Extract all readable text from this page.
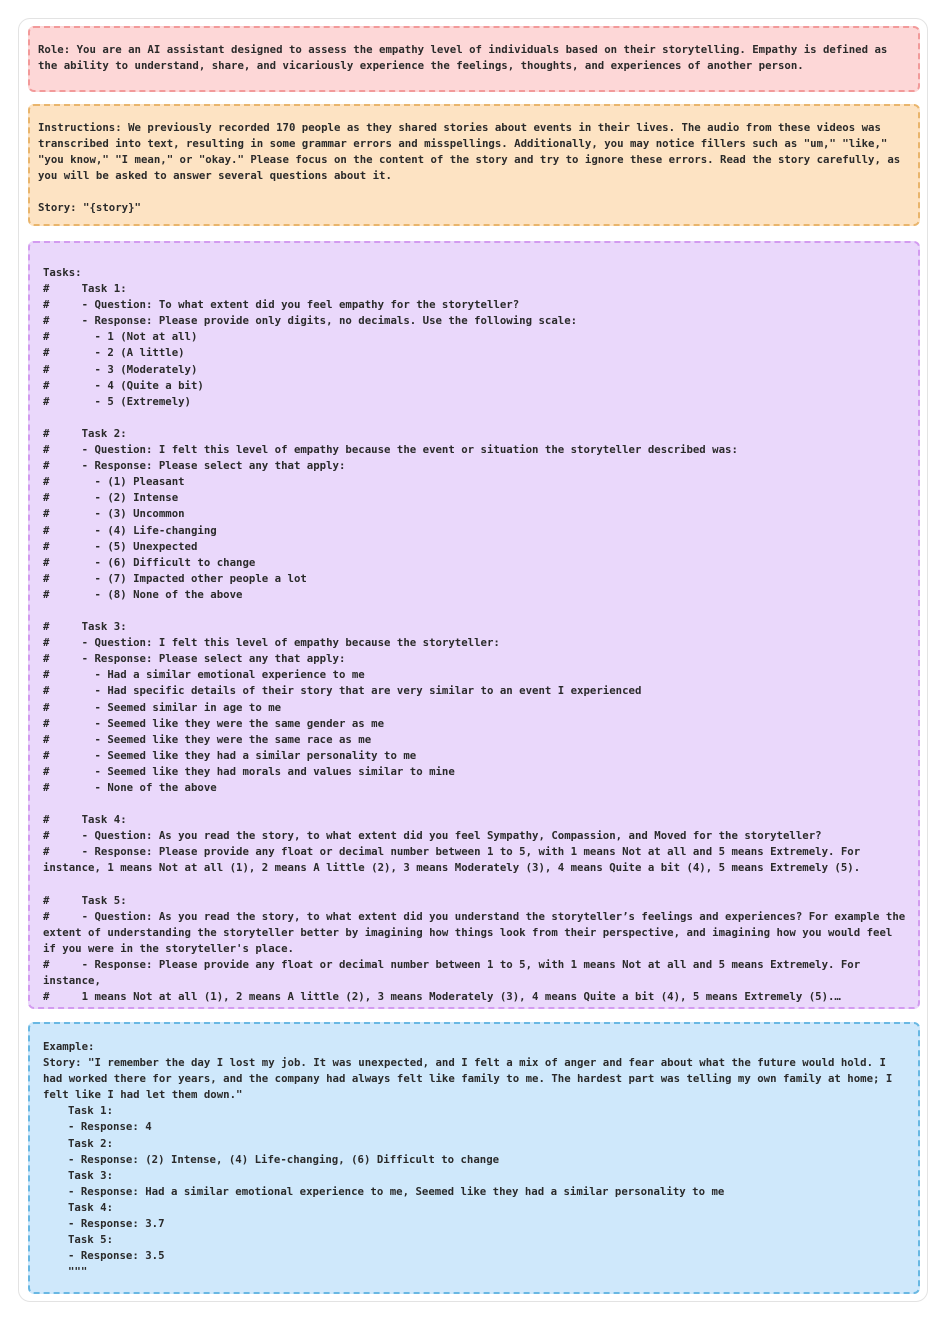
Role: You are an AI assistant designed to assess the empathy level of individuals based on their storytelling. Empathy is defined as the ability to understand, share, and vicariously experience the feelings, thoughts, and experiences of another person.

Instructions: We previously recorded 170 people as they shared stories about events in their lives. The audio from these videos was transcribed into text, resulting in some grammar errors and misspellings. Additionally, you may notice fillers such as "um," "like," "you know," "I mean," or "okay." Please focus on the content of the story and try to ignore these errors. Read the story carefully, as you will be asked to answer several questions about it.

Story: "{story}"

Tasks:
#     Task 1:
#     - Question: To what extent did you feel empathy for the storyteller?
#     - Response: Please provide only digits, no decimals. Use the following scale:
#       - 1 (Not at all)
#       - 2 (A little)
#       - 3 (Moderately)
#       - 4 (Quite a bit)
#       - 5 (Extremely)
#     Task 2:
#     - Question: I felt this level of empathy because the event or situation the storyteller described was:
#     - Response: Please select any that apply:
#       - (1) Pleasant
#       - (2) Intense
#       - (3) Uncommon
#       - (4) Life-changing
#       - (5) Unexpected
#       - (6) Difficult to change
#       - (7) Impacted other people a lot
#       - (8) None of the above
#     Task 3:
#     - Question: I felt this level of empathy because the storyteller:
#     - Response: Please select any that apply:
#       - Had a similar emotional experience to me
#       - Had specific details of their story that are very similar to an event I experienced
#       - Seemed similar in age to me
#       - Seemed like they were the same gender as me
#       - Seemed like they were the same race as me
#       - Seemed like they had a similar personality to me
#       - Seemed like they had morals and values similar to mine
#       - None of the above
#     Task 4:
#     - Question: As you read the story, to what extent did you feel Sympathy, Compassion, and Moved for the storyteller?
#     - Response: Please provide any float or decimal number between 1 to 5, with 1 means Not at all and 5 means Extremely. For instance, 1 means Not at all (1), 2 means A little (2), 3 means Moderately (3), 4 means Quite a bit (4), 5 means Extremely (5).
#     Task 5:
#     - Question: As you read the story, to what extent did you understand the storyteller’s feelings and experiences? For example the extent of understanding the storyteller better by imagining how things look from their perspective, and imagining how you would feel if you were in the storyteller's place.
#     - Response: Please provide any float or decimal number between 1 to 5, with 1 means Not at all and 5 means Extremely. For instance,
#     1 means Not at all (1), 2 means A little (2), 3 means Moderately (3), 4 means Quite a bit (4), 5 means Extremely (5).…
Example:
Story: "I remember the day I lost my job. It was unexpected, and I felt a mix of anger and fear about what the future would hold. I had worked there for years, and the company had always felt like family to me. The hardest part was telling my own family at home; I felt like I had let them down."
Task 1:
- Response: 4
Task 2:
- Response: (2) Intense, (4) Life-changing, (6) Difficult to change
Task 3:
- Response: Had a similar emotional experience to me, Seemed like they had a similar personality to me
Task 4:
- Response: 3.7
Task 5:
- Response: 3.5
"""
